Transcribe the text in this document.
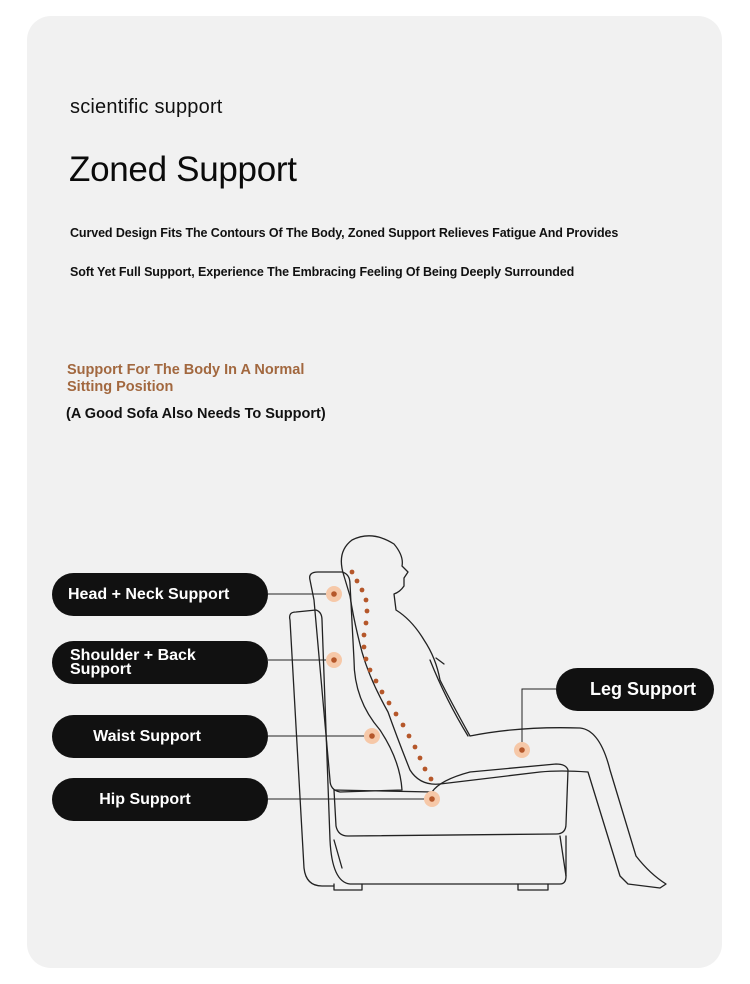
scientific support
Zoned Support
Curved Design Fits The Contours Of The Body, Zoned Support Relieves Fatigue And Provides
Soft Yet Full Support, Experience The Embracing Feeling Of Being Deeply Surrounded
Support For The Body In A Normal Sitting Position
(A Good Sofa Also Needs To Support)
Head + Neck Support
Shoulder + Back Support
Waist Support
Hip Support
Leg Support
